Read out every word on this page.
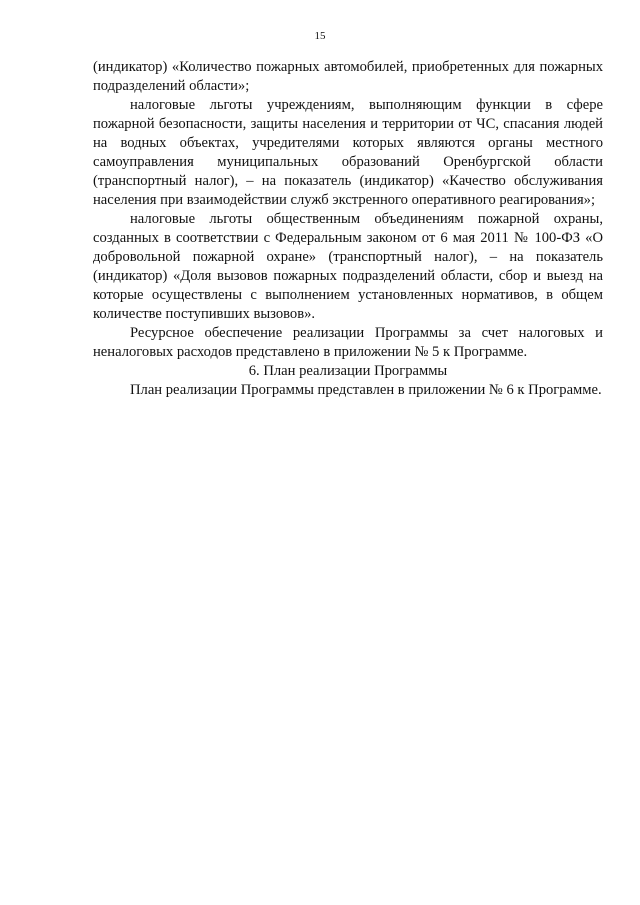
15

(индикатор) «Количество пожарных автомобилей, приобретенных для пожарных подразделений области»;

налоговые льготы учреждениям, выполняющим функции в сфере пожарной безопасности, защиты населения и территории от ЧС, спасания людей на водных объектах, учредителями которых являются органы местного самоуправления муниципальных образований Оренбургской области (транспортный налог), – на показатель (индикатор) «Качество обслуживания населения при взаимодействии служб экстренного оперативного реагирования»;

налоговые льготы общественным объединениям пожарной охраны, созданных в соответствии с Федеральным законом от 6 мая 2011 № 100-ФЗ «О добровольной пожарной охране» (транспортный налог), – на показатель (индикатор) «Доля вызовов пожарных подразделений области, сбор и выезд на которые осуществлены с выполнением установленных нормативов, в общем количестве поступивших вызовов».

Ресурсное обеспечение реализации Программы за счет налоговых и неналоговых расходов представлено в приложении № 5 к Программе.

6. План реализации Программы

План реализации Программы представлен в приложении № 6 к Программе.
